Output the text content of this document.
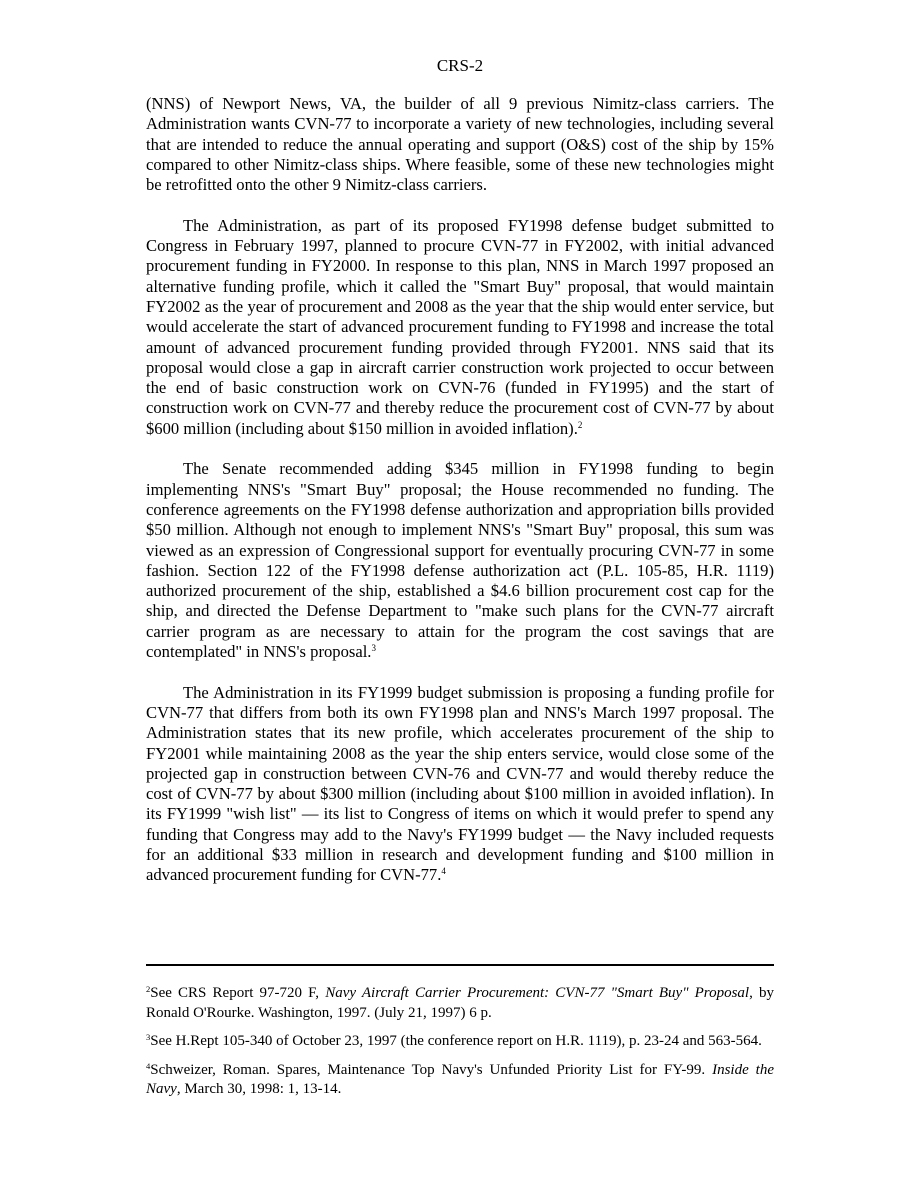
CRS-2

(NNS) of Newport News, VA, the builder of all 9 previous Nimitz-class carriers. The Administration wants CVN-77 to incorporate a variety of new technologies, including several that are intended to reduce the annual operating and support (O&S) cost of the ship by 15% compared to other Nimitz-class ships. Where feasible, some of these new technologies might be retrofitted onto the other 9 Nimitz-class carriers.

The Administration, as part of its proposed FY1998 defense budget submitted to Congress in February 1997, planned to procure CVN-77 in FY2002, with initial advanced procurement funding in FY2000. In response to this plan, NNS in March 1997 proposed an alternative funding profile, which it called the "Smart Buy" proposal, that would maintain FY2002 as the year of procurement and 2008 as the year that the ship would enter service, but would accelerate the start of advanced procurement funding to FY1998 and increase the total amount of advanced procurement funding provided through FY2001. NNS said that its proposal would close a gap in aircraft carrier construction work projected to occur between the end of basic construction work on CVN-76 (funded in FY1995) and the start of construction work on CVN-77 and thereby reduce the procurement cost of CVN-77 by about $600 million (including about $150 million in avoided inflation).$^2$

The Senate recommended adding $345 million in FY1998 funding to begin implementing NNS's "Smart Buy" proposal; the House recommended no funding. The conference agreements on the FY1998 defense authorization and appropriation bills provided $50 million. Although not enough to implement NNS's "Smart Buy" proposal, this sum was viewed as an expression of Congressional support for eventually procuring CVN-77 in some fashion. Section 122 of the FY1998 defense authorization act (P.L. 105-85, H.R. 1119) authorized procurement of the ship, established a $4.6 billion procurement cost cap for the ship, and directed the Defense Department to "make such plans for the CVN-77 aircraft carrier program as are necessary to attain for the program the cost savings that are contemplated" in NNS's proposal.$^3$

The Administration in its FY1999 budget submission is proposing a funding profile for CVN-77 that differs from both its own FY1998 plan and NNS's March 1997 proposal. The Administration states that its new profile, which accelerates procurement of the ship to FY2001 while maintaining 2008 as the year the ship enters service, would close some of the projected gap in construction between CVN-76 and CVN-77 and would thereby reduce the cost of CVN-77 by about $300 million (including about $100 million in avoided inflation). In its FY1999 "wish list" — its list to Congress of items on which it would prefer to spend any funding that Congress may add to the Navy's FY1999 budget — the Navy included requests for an additional $33 million in research and development funding and $100 million in advanced procurement funding for CVN-77.$^4$

$^2$See CRS Report 97-720 F, Navy Aircraft Carrier Procurement: CVN-77 "Smart Buy" Proposal, by Ronald O'Rourke. Washington, 1997. (July 21, 1997) 6 p.

$^3$See H.Rept 105-340 of October 23, 1997 (the conference report on H.R. 1119), p. 23-24 and 563-564.

$^4$Schweizer, Roman. Spares, Maintenance Top Navy's Unfunded Priority List for FY-99. Inside the Navy, March 30, 1998: 1, 13-14.
